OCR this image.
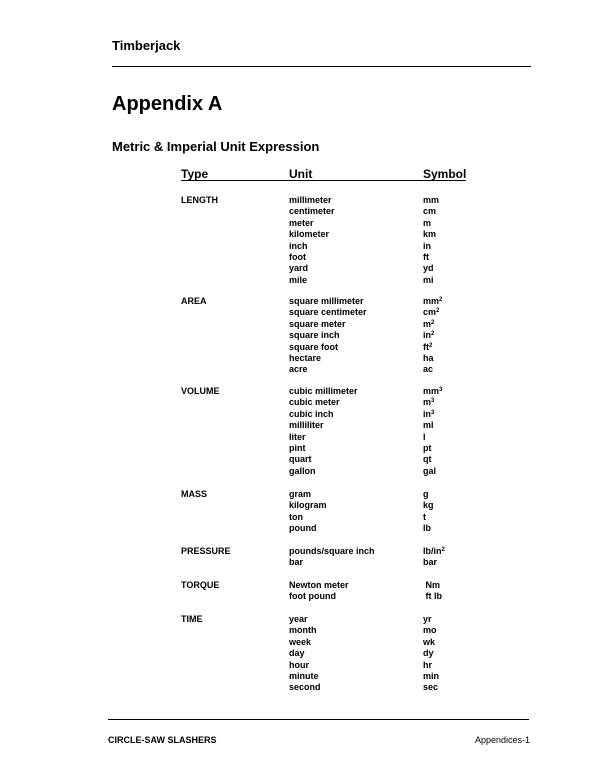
Timberjack

Appendix A
Metric & Imperial Unit Expression
Type	Unit	Symbol
LENGTH	millimeter	mm
centimeter	cm
meter	m
kilometer	km
inch	in
foot	ft
yard	yd
mile	mi
AREA	square millimeter	$mm^2$
square centimeter	$cm^2$
square meter	$m^2$
square inch	$in^2$
square foot	$ft^2$
hectare	ha
acre	ac
VOLUME	cubic millimeter	$mm^3$
cubic meter	$m^3$
cubic inch	$in^3$
milliliter	ml
liter	l
pint	pt
quart	qt
gallon	gal
MASS	gram	g
kilogram	kg
ton	t
pound	lb
PRESSURE	pounds/square inch	$lb/in^2$
bar	bar
TORQUE	Newton meter	Nm
foot pound	ft lb
TIME	year	yr
month	mo
week	wk
day	dy
hour	hr
minute	min
second	sec
CIRCLE-SAW SLASHERS	Appendices-1
